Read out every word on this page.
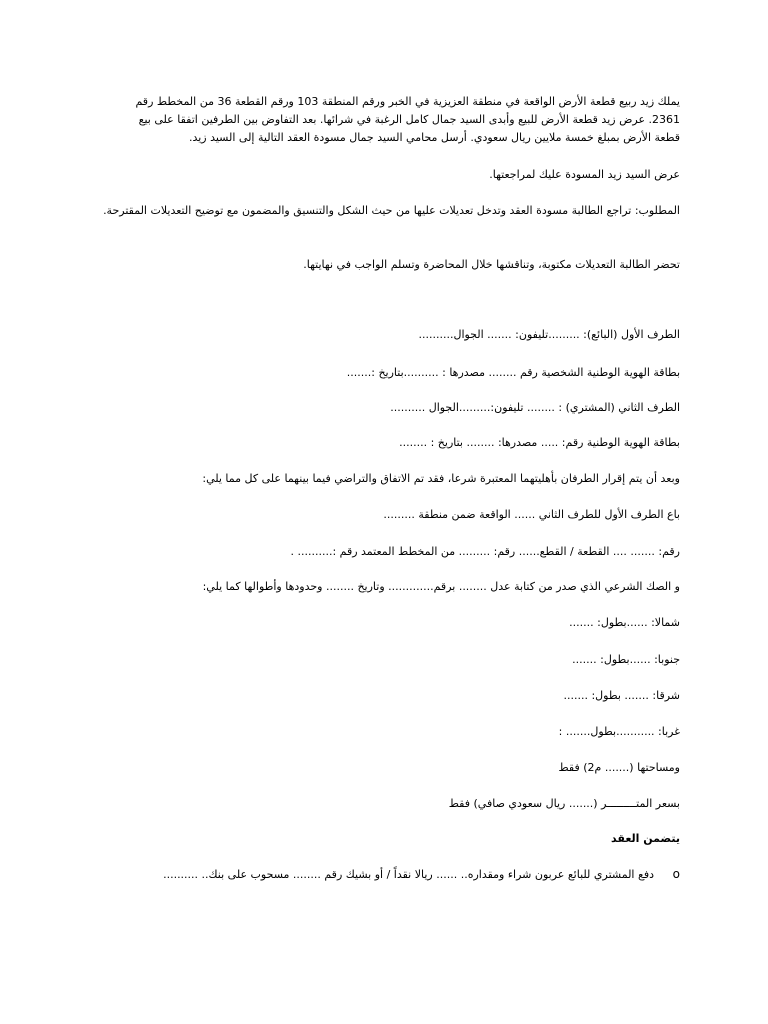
يملك زيد ربيع قطعة الأرض الواقعة في منطقة العزيزية في الخبر ورقم المنطقة 103 ورقم القطعة 36 من المخطط رقم
2361. عرض زيد قطعة الأرض للبيع وأبدى السيد جمال كامل الرغبة في شرائها. بعد التفاوض بين الطرفين اتفقا على بيع
قطعة الأرض بمبلغ خمسة ملايين ريال سعودي. أرسل محامي السيد جمال مسودة العقد التالية إلى السيد زيد.
عرض السيد زيد المسودة عليك لمراجعتها.
المطلوب: تراجع الطالبة مسودة العقد وتدخل تعديلات عليها من حيث الشكل والتنسيق والمضمون مع توضيح التعديلات المقترحة.
تحضر الطالبة التعديلات مكتوبة، وتناقشها خلال المحاضرة وتسلم الواجب في نهايتها.
الطرف الأول (البائع): .........تليفون: ....... الجوال..........
بطاقة الهوية الوطنية الشخصية رقم ........ مصدرها : ..........بتاريخ :.......
الطرف الثاني (المشتري) : ........ تليفون:.........الجوال ..........
بطاقة الهوية الوطنية رقم: ..... مصدرها: ........ بتاريخ : ........
وبعد أن يتم إقرار الطرفان بأهليتهما المعتبرة شرعا، فقد تم الاتفاق والتراضي فيما بينهما على كل مما يلي:
باع الطرف الأول للطرف الثاني ...... الواقعة ضمن منطقة .........
رقم: ....... .... القطعة / القطع...... رقم: ......... من المخطط المعتمد رقم :.......... .
و الصك الشرعي الذي صدر من كتابة عدل ........ برقم............. وتاريخ ........ وحدودها وأطوالها كما يلي:
شمالا: ......بطول: .......
جنوبا: ......بطول: .......
شرقا: ....... بطول: .......
غربا: ...........بطول....... :
ومساحتها (....... م2) فقط
بسعر المتـــــــــر (....... ريال سعودي صافي) فقط
يتضمن العقد
o
دفع المشتري للبائع عربون شراء ومقداره.. ...... ريالا نقداً / أو بشيك رقم ........ مسحوب على بنك.. ..........
